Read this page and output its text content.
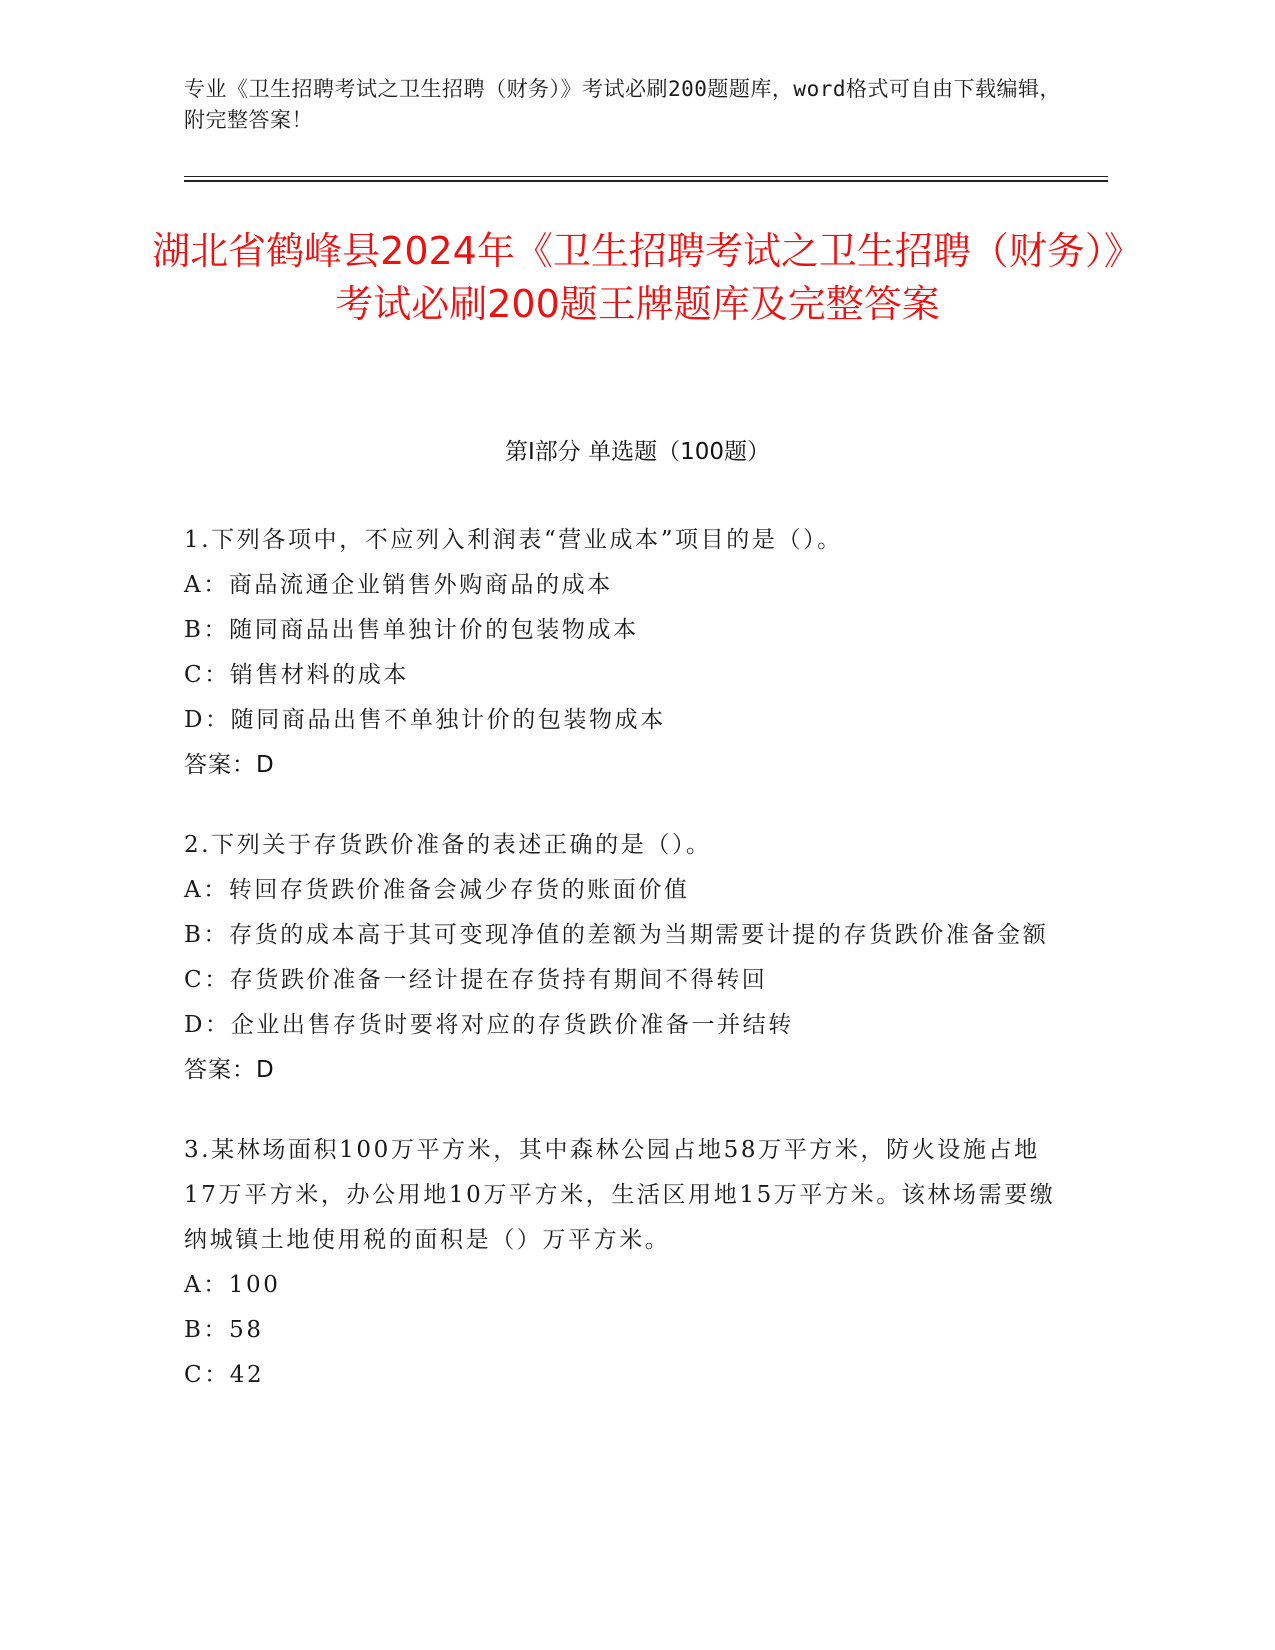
专业《卫生招聘考试之卫生招聘（财务）》考试必刷200题题库，word格式可自由下载编辑，附完整答案！
湖北省鹤峰县2024年《卫生招聘考试之卫生招聘（财务）》考试必刷200题王牌题库及完整答案
第Ⅰ部分 单选题（100题）
1.下列各项中，不应列入利润表“营业成本”项目的是（）。
A：商品流通企业销售外购商品的成本
B：随同商品出售单独计价的包装物成本
C：销售材料的成本
D：随同商品出售不单独计价的包装物成本
答案：D
2.下列关于存货跌价准备的表述正确的是（）。
A：转回存货跌价准备会减少存货的账面价值
B：存货的成本高于其可变现净值的差额为当期需要计提的存货跌价准备金额
C：存货跌价准备一经计提在存货持有期间不得转回
D：企业出售存货时要将对应的存货跌价准备一并结转
答案：D
3.某林场面积100万平方米，其中森林公园占地58万平方米，防火设施占地17万平方米，办公用地10万平方米，生活区用地15万平方米。该林场需要缴纳城镇土地使用税的面积是（）万平方米。
A：100
B：58
C：42
